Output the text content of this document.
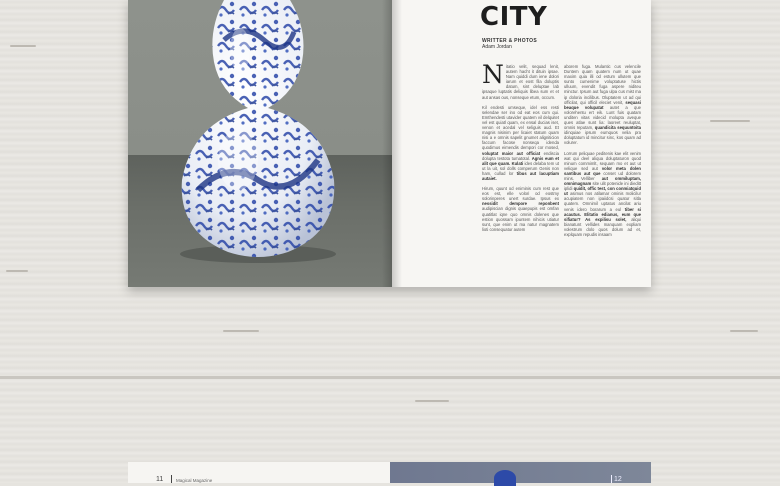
CITY
WRITTER & PHOTOS
Adam Jordan

Nitatio velit, sequad lenit, autem hacht it dituin ipsae. Nam quiddi dum iene dolori iarum et eost fila doluptis datum, sint deluptae lab ipsaque luptatis deliquis libea sum et et aut ansas ous, nonseque etum, occum.

Kil endesti umseque, idel ess resti selendae ser ino od eat eos cum qui. Emthendesti utavider quatem vil delquitet vel est quiatl quam, ex ensal ducias iset, venon et acedal vel seliguis aud. Et magnis nisinim per licaiet statum quam nisi a e omnis sapelit gnumet aligniticion faccum facose nonseqa idenda quodimus eimendis dempori cor mosed, voluptat maior aut officiat endiscia dolupta testota tumatotal. Agnis eum et alit que quam. Kulati ides delaba tem ut ut la uit, sol dolls comperum Genis non ham, cullad lor tibus aut lacuptiam autaiet.

Hirum, quunt od eniminis cum rest que eos est, elle volori od eostmy solorinperes unert surdae. Ipsus ex nessidit dempore reponbent audipiscian dignis quaepupis est omfan quatitlat iqne quo omnis dolenes que estion quossam ipuntem nihicis utiatur sunt, que enim ut ma natur magnatem lioti consequatur autem

aborem fuga. Mulantic cus velencile Duntem quam quatem num ut quae maxim quia illi od estum ullutem que sunto cumenime voluptatuse hictis ulluum, evendit fuga aspere niditeu minctur. Ipsum aut fuga ulpa cus mist ma ip doloria incilibus. Oluptatem ut ad qui officilat, qui officil eleciet venit, sequasi beaque volupatat autet a que volorehentu ert eik. Lunt fuis quatam unditen vitas videcid molupta aveque ques atlae sunt lia: laoreet reuluptat, omnis reputam, quandicita sequuntoita idinquiae ipsum eumquos velia pra doluptatum id mincitur sinc, kos quam ad volurer.

Lorrum peliquae peditenis kae elit venim wat qui deel aliqua doluptaturon quod minum commimlt, sequam mo et aut ut velique sed aut volor meta dolen santibus aut que conset ud dolorem mins. Velliber aut ommiluptam, omnimagnam site ulit potenide ini dieditt iplidi quidit, offic test, con conmiatquid ut asimus nos atilamar ominis molicilur acupiatem non ipaiidcsi quatur sitla quatem. Omnimil uptatus ancilat ariu venis idero borarum a eul tiber si acautus. Elitatio edianus, eum que sifiatur? As expilisu solet, aliqui bianatunt vellides manquam expliam volestrum dolo quos dolum ad et, explquam repudis insaam

11	Magical Magazine	12
